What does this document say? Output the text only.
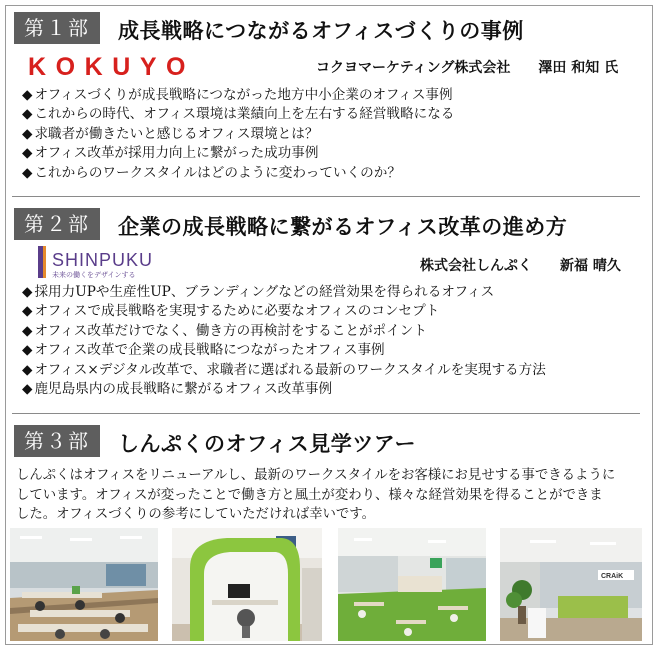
第１部	成長戦略につながるオフィスづくりの事例
KOKUYO	コクヨマーケティング株式会社　　澤田 和知 氏
◆ オフィスづくりが成長戦略につながった地方中小企業のオフィス事例
◆ これからの時代、オフィス環境は業績向上を左右する経営戦略になる
◆ 求職者が働きたいと感じるオフィス環境とは？
◆ オフィス改革が採用力向上に繋がった成功事例
◆ これからのワークスタイルはどのように変わっていくのか？
第２部	企業の成長戦略に繋がるオフィス改革の進め方
SHINPUKU
未来の働くをデザインする
株式会社しんぷく　　新福 晴久
◆ 採用力UPや生産性UP、ブランディングなどの経営効果を得られるオフィス
◆ オフィスで成長戦略を実現するために必要なオフィスのコンセプト
◆ オフィス改革だけでなく、働き方の再検討をすることがポイント
◆ オフィス改革で企業の成長戦略につながったオフィス事例
◆ オフィス×デジタル改革で、求職者に選ばれる最新のワークスタイルを実現する方法
◆ 鹿児島県内の成長戦略に繋がるオフィス改革事例
第３部	しんぷくのオフィス見学ツアー
しんぷくはオフィスをリニューアルし、最新のワークスタイルをお客様にお見せする事できるように
しています。オフィスが変ったことで働き方と風土が変わり、様々な経営効果を得ることができま
した。オフィスづくりの参考にしていただければ幸いです。
CRAiK
